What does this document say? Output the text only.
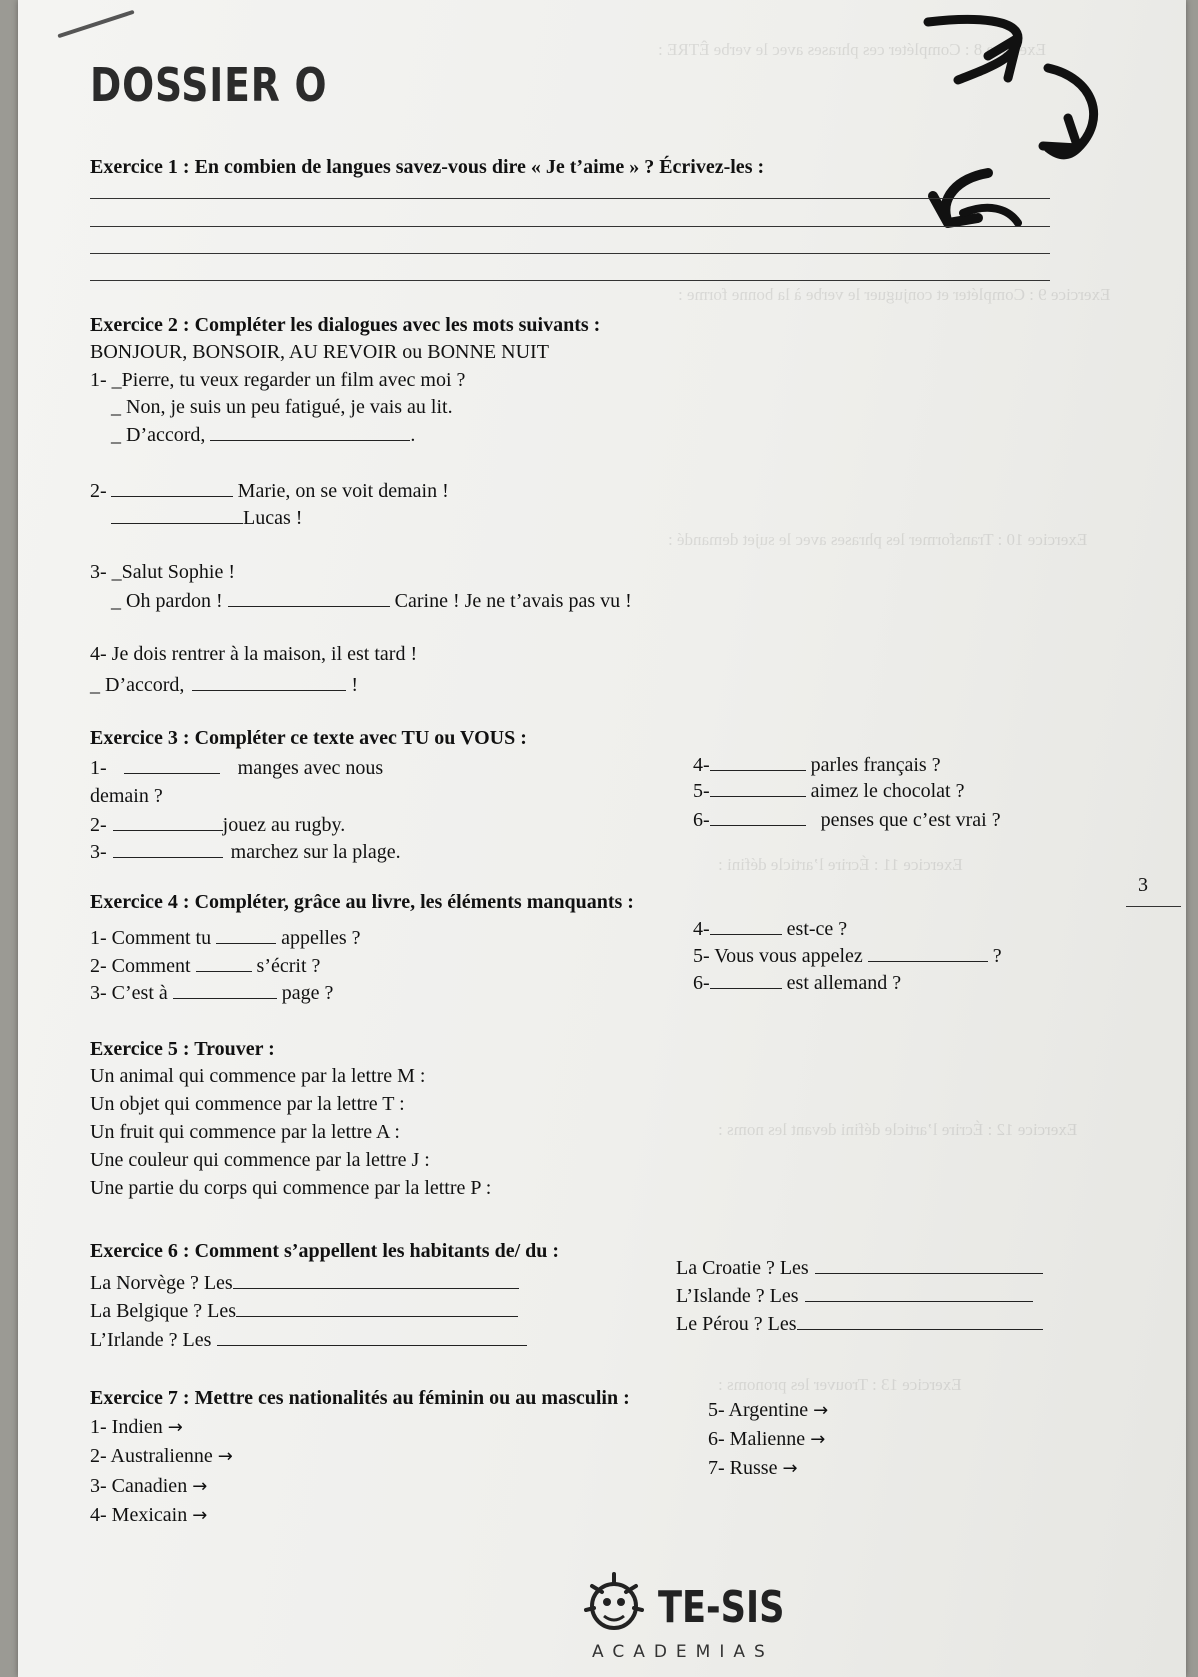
Exercice 8 : Compléter ces phrases avec le verbe ÊTRE :
Exercice 9 : Compléter et conjuguer le verbe à la bonne forme :
Exercice 10 : Transformer les phrases avec le sujet demandé :
Exercice 11 : Écrire l’article défini :
Exercice 12 : Écrire l’article défini devant les noms :
Exercice 13 : Trouver les pronoms :
DOSSIER O
Exercice 1 : En combien de langues savez-vous dire « Je t’aime » ? Écrivez-les :
Exercice 2 : Compléter les dialogues avec les mots suivants :
BONJOUR, BONSOIR, AU REVOIR ou BONNE NUIT
1- _Pierre, tu veux regarder un film avec moi ?
_ Non, je suis un peu fatigué, je vais au lit.
_ D’accord,	.
2-	Marie, on se voit demain !
Lucas !
3- _Salut Sophie !
_ Oh pardon !	Carine ! Je ne t’avais pas vu !
4- Je dois rentrer à la maison, il est tard !
_ D’accord,	!
Exercice 3 : Compléter ce texte avec TU ou VOUS :
1-	manges avec nous
demain ?
2-	jouez au rugby.
3-	marchez sur la plage.
4-	parles français ?
5-	aimez le chocolat ?
6-	penses que c’est vrai ?
Exercice 4 : Compléter, grâce au livre, les éléments manquants :
3
1- Comment tu	appelles ?
2- Comment	s’écrit ?
3- C’est à	page ?
4-	est-ce ?
5- Vous vous appelez	?
6-	est allemand ?
Exercice 5 : Trouver :
Un animal qui commence par la lettre M :
Un objet qui commence par la lettre T :
Un fruit qui commence par la lettre A :
Une couleur qui commence par la lettre J :
Une partie du corps qui commence par la lettre P :
Exercice 6 : Comment s’appellent les habitants de/ du :
La Norvège ? Les
La Belgique ? Les
L’Irlande ? Les
La Croatie ? Les
L’Islande ? Les
Le Pérou ? Les
Exercice 7 : Mettre ces nationalités au féminin ou au masculin :
1- Indien →
2- Australienne →
3- Canadien →
4- Mexicain →
5- Argentine →
6- Malienne →
7- Russe →
TE-SIS
ACADEMIAS
